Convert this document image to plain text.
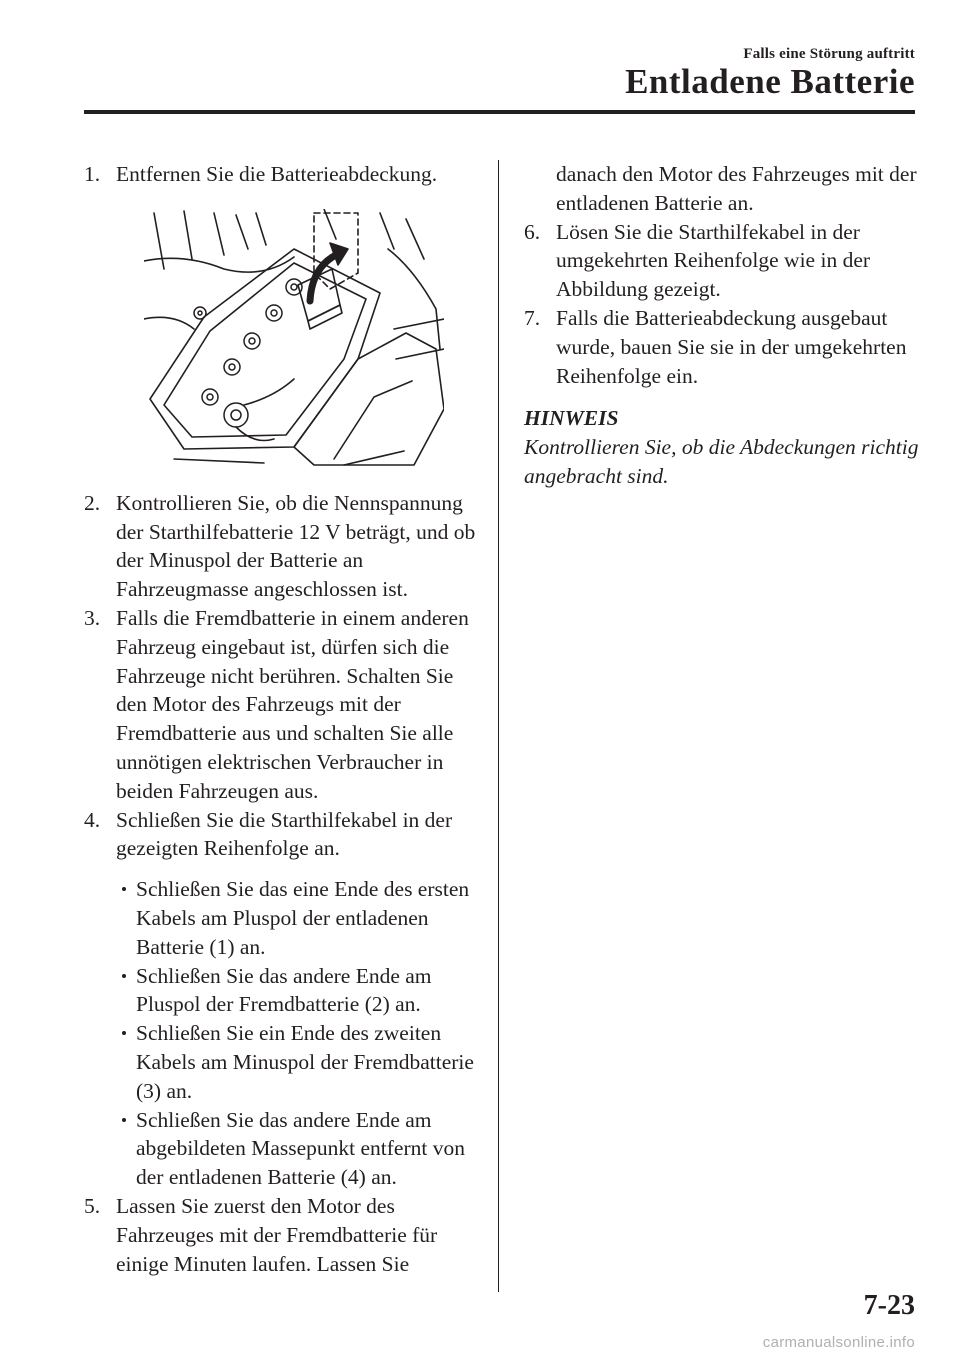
Falls eine Störung auftritt
Entladene Batterie
1. Entfernen Sie die Batterieabdeckung.
2. Kontrollieren Sie, ob die Nennspannung der Starthilfebatterie 12 V beträgt, und ob der Minuspol der Batterie an Fahrzeugmasse angeschlossen ist.
3. Falls die Fremdbatterie in einem anderen Fahrzeug eingebaut ist, dürfen sich die Fahrzeuge nicht berühren. Schalten Sie den Motor des Fahrzeugs mit der Fremdbatterie aus und schalten Sie alle unnötigen elektrischen Verbraucher in beiden Fahrzeugen aus.
4. Schließen Sie die Starthilfekabel in der gezeigten Reihenfolge an.
Schließen Sie das eine Ende des ersten Kabels am Pluspol der entladenen Batterie (1) an.
Schließen Sie das andere Ende am Pluspol der Fremdbatterie (2) an.
Schließen Sie ein Ende des zweiten Kabels am Minuspol der Fremdbatterie (3) an.
Schließen Sie das andere Ende am abgebildeten Massepunkt entfernt von der entladenen Batterie (4) an.
5. Lassen Sie zuerst den Motor des Fahrzeuges mit der Fremdbatterie für einige Minuten laufen. Lassen Sie
danach den Motor des Fahrzeuges mit der entladenen Batterie an.
6. Lösen Sie die Starthilfekabel in der umgekehrten Reihenfolge wie in der Abbildung gezeigt.
7. Falls die Batterieabdeckung ausgebaut wurde, bauen Sie sie in der umgekehrten Reihenfolge ein.
HINWEIS
Kontrollieren Sie, ob die Abdeckungen richtig angebracht sind.
7-23
carmanualsonline.info
